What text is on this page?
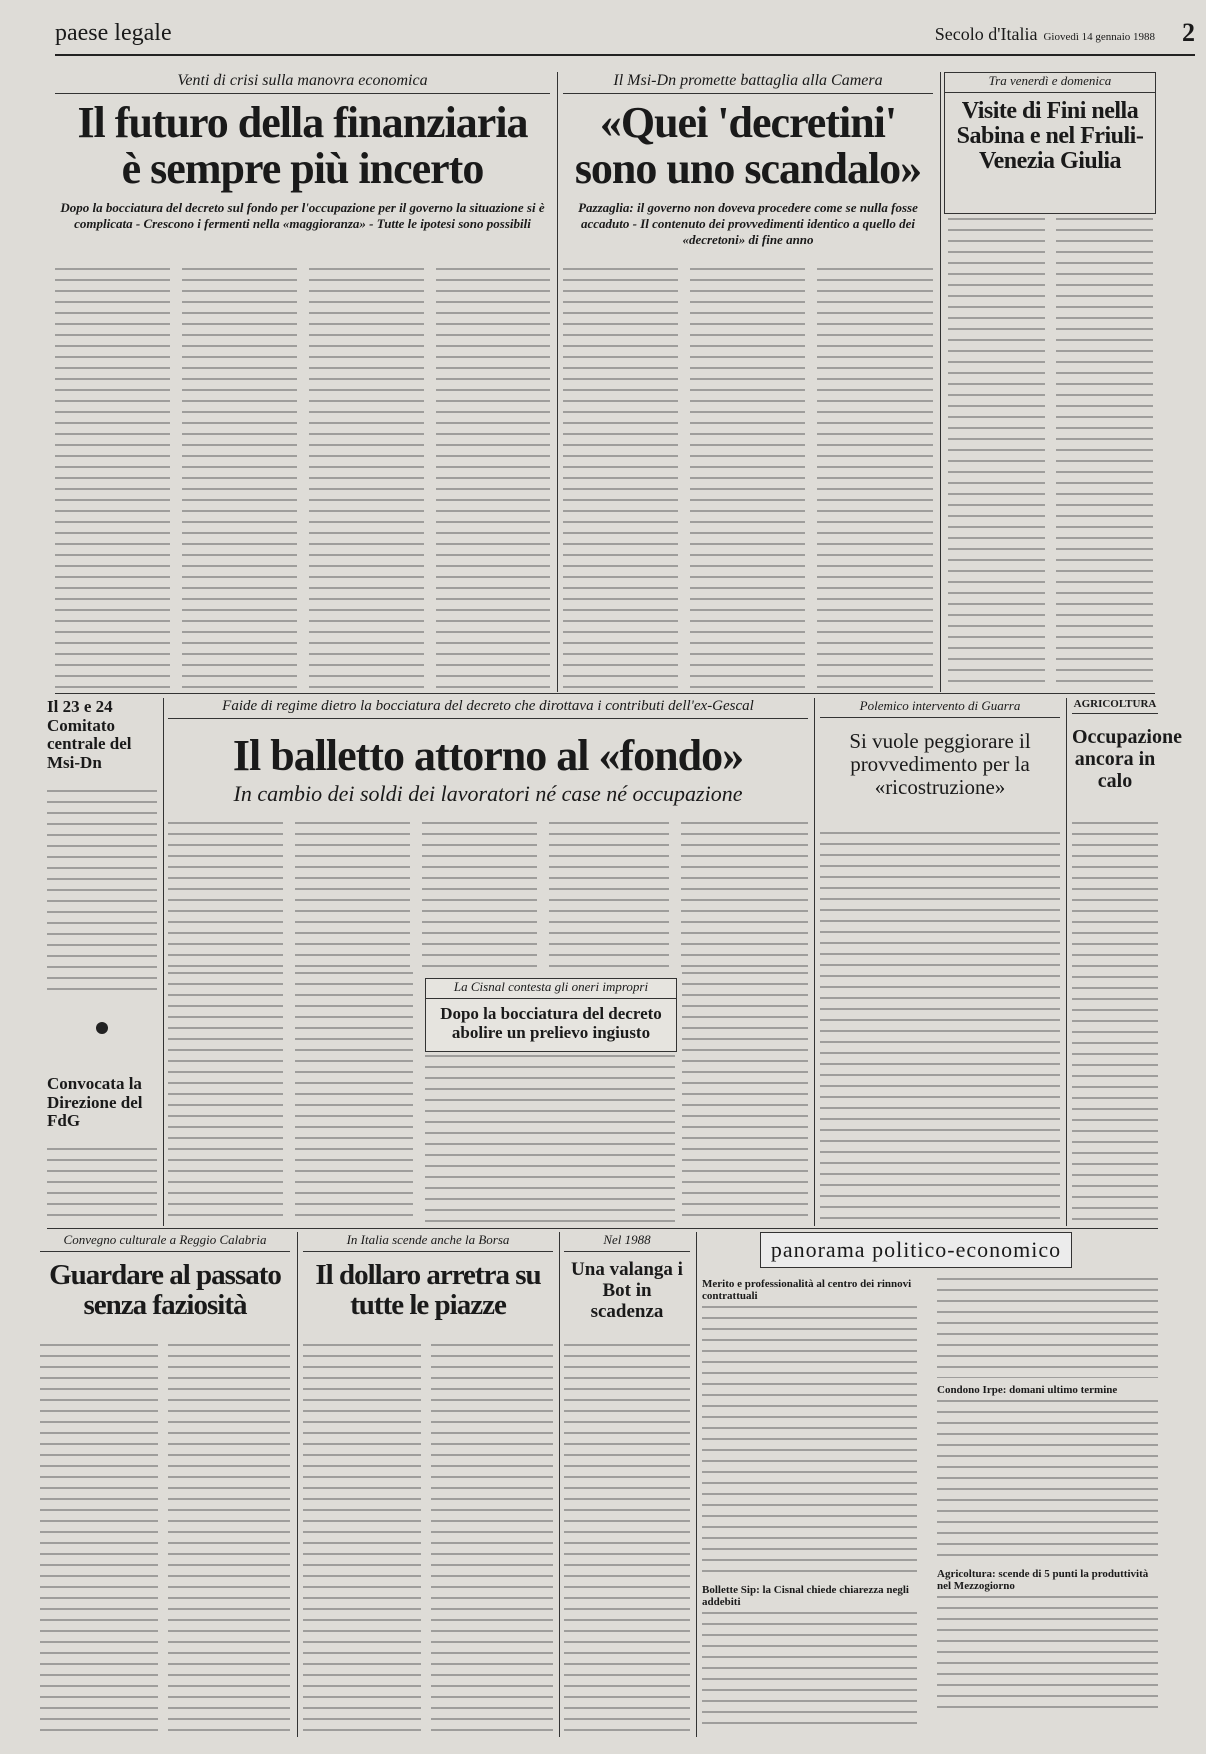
paese legale	Secolo d'Italia Giovedì 14 gennaio 1988 2
Venti di crisi sulla manovra economica
Il futuro della finanziaria
è sempre più incerto
Dopo la bocciatura del decreto sul fondo per l'occupazione per il governo la situazione si è complicata - Crescono i fermenti nella «maggioranza» - Tutte le ipotesi sono possibili
Il Msi-Dn promette battaglia alla Camera
«Quei 'decretini'
sono uno scandalo»
Pazzaglia: il governo non doveva procedere come se nulla fosse accaduto - Il contenuto dei provvedimenti identico a quello dei «decretoni» di fine anno
Tra venerdì e domenica
Visite di Fini nella Sabina e nel Friuli-Venezia Giulia
Il 23 e 24 Comitato centrale del Msi-Dn
Convocata la Direzione del FdG
Faide di regime dietro la bocciatura del decreto che dirottava i contributi dell'ex-Gescal
Il balletto attorno al «fondo»
In cambio dei soldi dei lavoratori né case né occupazione
La Cisnal contesta gli oneri impropri
Dopo la bocciatura del decreto abolire un prelievo ingiusto
Polemico intervento di Guarra
Si vuole peggiorare il provvedimento per la «ricostruzione»
AGRICOLTURA
Occupazione ancora in calo
Convegno culturale a Reggio Calabria
Guardare al passato senza faziosità
In Italia scende anche la Borsa
Il dollaro arretra su tutte le piazze
Nel 1988
Una valanga i Bot in scadenza
panorama politico-economico
Merito e professionalità al centro dei rinnovi contrattuali
Bollette Sip: la Cisnal chiede chiarezza negli addebiti
Condono Irpe: domani ultimo termine
Agricoltura: scende di 5 punti la produttività nel Mezzogiorno
